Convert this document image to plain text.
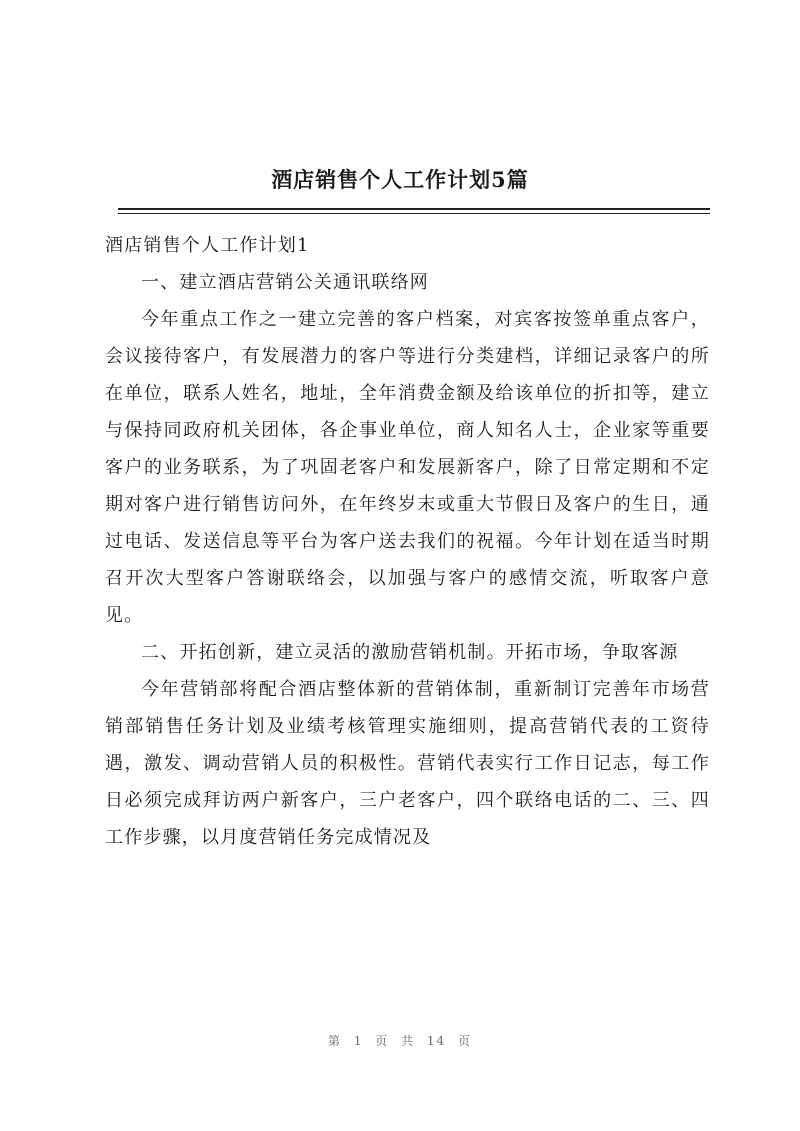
酒店销售个人工作计划5篇

酒店销售个人工作计划1

一、建立酒店营销公关通讯联络网

今年重点工作之一建立完善的客户档案，对宾客按签单重点客户，会议接待客户，有发展潜力的客户等进行分类建档，详细记录客户的所在单位，联系人姓名，地址，全年消费金额及给该单位的折扣等，建立与保持同政府机关团体，各企事业单位，商人知名人士，企业家等重要客户的业务联系，为了巩固老客户和发展新客户，除了日常定期和不定期对客户进行销售访问外，在年终岁末或重大节假日及客户的生日，通过电话、发送信息等平台为客户送去我们的祝福。今年计划在适当时期召开次大型客户答谢联络会，以加强与客户的感情交流，听取客户意见。

二、开拓创新，建立灵活的激励营销机制。开拓市场，争取客源

今年营销部将配合酒店整体新的营销体制，重新制订完善年市场营销部销售任务计划及业绩考核管理实施细则，提高营销代表的工资待遇，激发、调动营销人员的积极性。营销代表实行工作日记志，每工作日必须完成拜访两户新客户，三户老客户，四个联络电话的二、三、四工作步骤，以月度营销任务完成情况及

第 1 页 共 14 页
